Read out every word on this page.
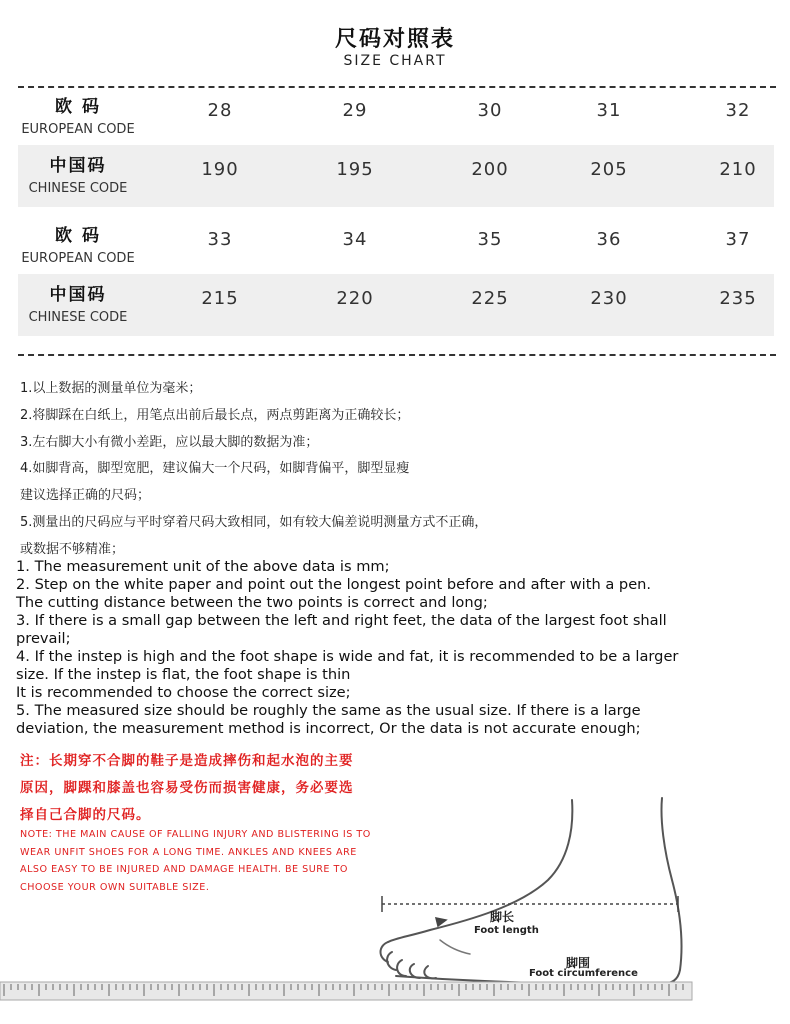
尺码对照表
SIZE CHART
欧 码
EUROPEAN CODE
28	29	30	31	32
中国码
CHINESE CODE
190	195	200	205	210
欧 码
EUROPEAN CODE
33	34	35	36	37
中国码
CHINESE CODE
215	220	225	230	235
1.以上数据的测量单位为毫米；
2.将脚踩在白纸上，用笔点出前后最长点，两点剪距离为正确较长；
3.左右脚大小有微小差距，应以最大脚的数据为准；
4.如脚背高，脚型宽肥，建议偏大一个尺码，如脚背偏平，脚型显瘦
建议选择正确的尺码；
5.测量出的尺码应与平时穿着尺码大致相同，如有较大偏差说明测量方式不正确，
或数据不够精准；
1. The measurement unit of the above data is mm;
2. Step on the white paper and point out the longest point before and after with a pen.
The cutting distance between the two points is correct and long;
3. If there is a small gap between the left and right feet, the data of the largest foot shall
prevail;
4. If the instep is high and the foot shape is wide and fat, it is recommended to be a larger
size. If the instep is flat, the foot shape is thin
It is recommended to choose the correct size;
5. The measured size should be roughly the same as the usual size. If there is a large
deviation, the measurement method is incorrect, Or the data is not accurate enough;
注：长期穿不合脚的鞋子是造成摔伤和起水泡的主要
原因，脚踝和膝盖也容易受伤而损害健康，务必要选
择自己合脚的尺码。
NOTE: THE MAIN CAUSE OF FALLING INJURY AND BLISTERING IS TO
WEAR UNFIT SHOES FOR A LONG TIME. ANKLES AND KNEES ARE
ALSO EASY TO BE INJURED AND DAMAGE HEALTH. BE SURE TO
CHOOSE YOUR OWN SUITABLE SIZE.
脚长
Foot length
脚围
Foot circumference
